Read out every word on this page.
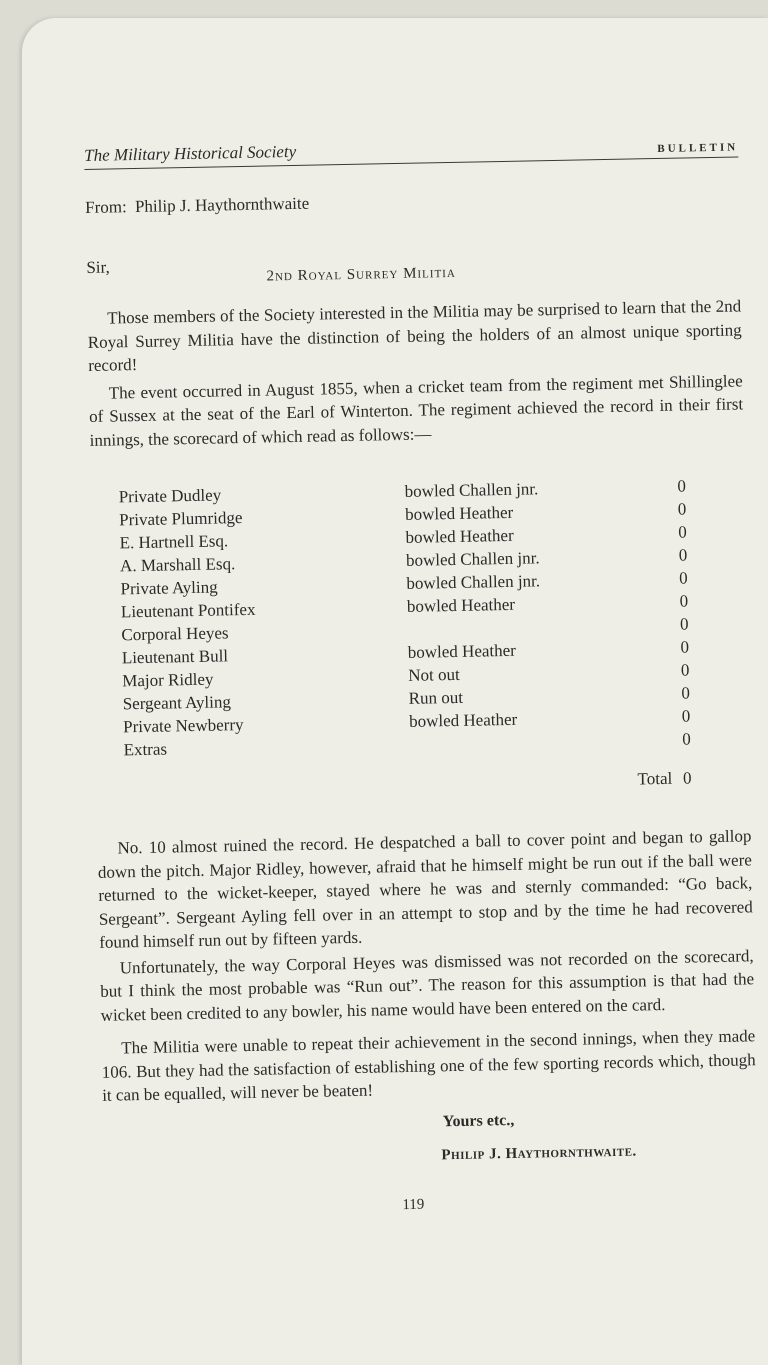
The Military Historical Society	BULLETIN
From: Philip J. Haythornthwaite
Sir,	2nd Royal Surrey Militia

Those members of the Society interested in the Militia may be surprised to learn that the 2nd Royal Surrey Militia have the distinction of being the holders of an almost unique sporting record!

The event occurred in August 1855, when a cricket team from the regiment met Shillinglee of Sussex at the seat of the Earl of Winterton. The regiment achieved the record in their first innings, the scorecard of which read as follows:—

Private Dudley	bowled Challen jnr.	0
Private Plumridge	bowled Heather	0
E. Hartnell Esq.	bowled Heather	0
A. Marshall Esq.	bowled Challen jnr.	0
Private Ayling	bowled Challen jnr.	0
Lieutenant Pontifex	bowled Heather	0
Corporal Heyes		0
Lieutenant Bull	bowled Heather	0
Major Ridley	Not out	0
Sergeant Ayling	Run out	0
Private Newberry	bowled Heather	0
Extras		0
	Total	0

No. 10 almost ruined the record. He despatched a ball to cover point and began to gallop down the pitch. Major Ridley, however, afraid that he himself might be run out if the ball were returned to the wicket-keeper, stayed where he was and sternly commanded: “Go back, Sergeant”. Sergeant Ayling fell over in an attempt to stop and by the time he had recovered found himself run out by fifteen yards.

Unfortunately, the way Corporal Heyes was dismissed was not recorded on the scorecard, but I think the most probable was “Run out”. The reason for this assumption is that had the wicket been credited to any bowler, his name would have been entered on the card.

The Militia were unable to repeat their achievement in the second innings, when they made 106. But they had the satisfaction of establishing one of the few sporting records which, though it can be equalled, will never be beaten!

Yours etc.,
Philip J. Haythornthwaite.
119
